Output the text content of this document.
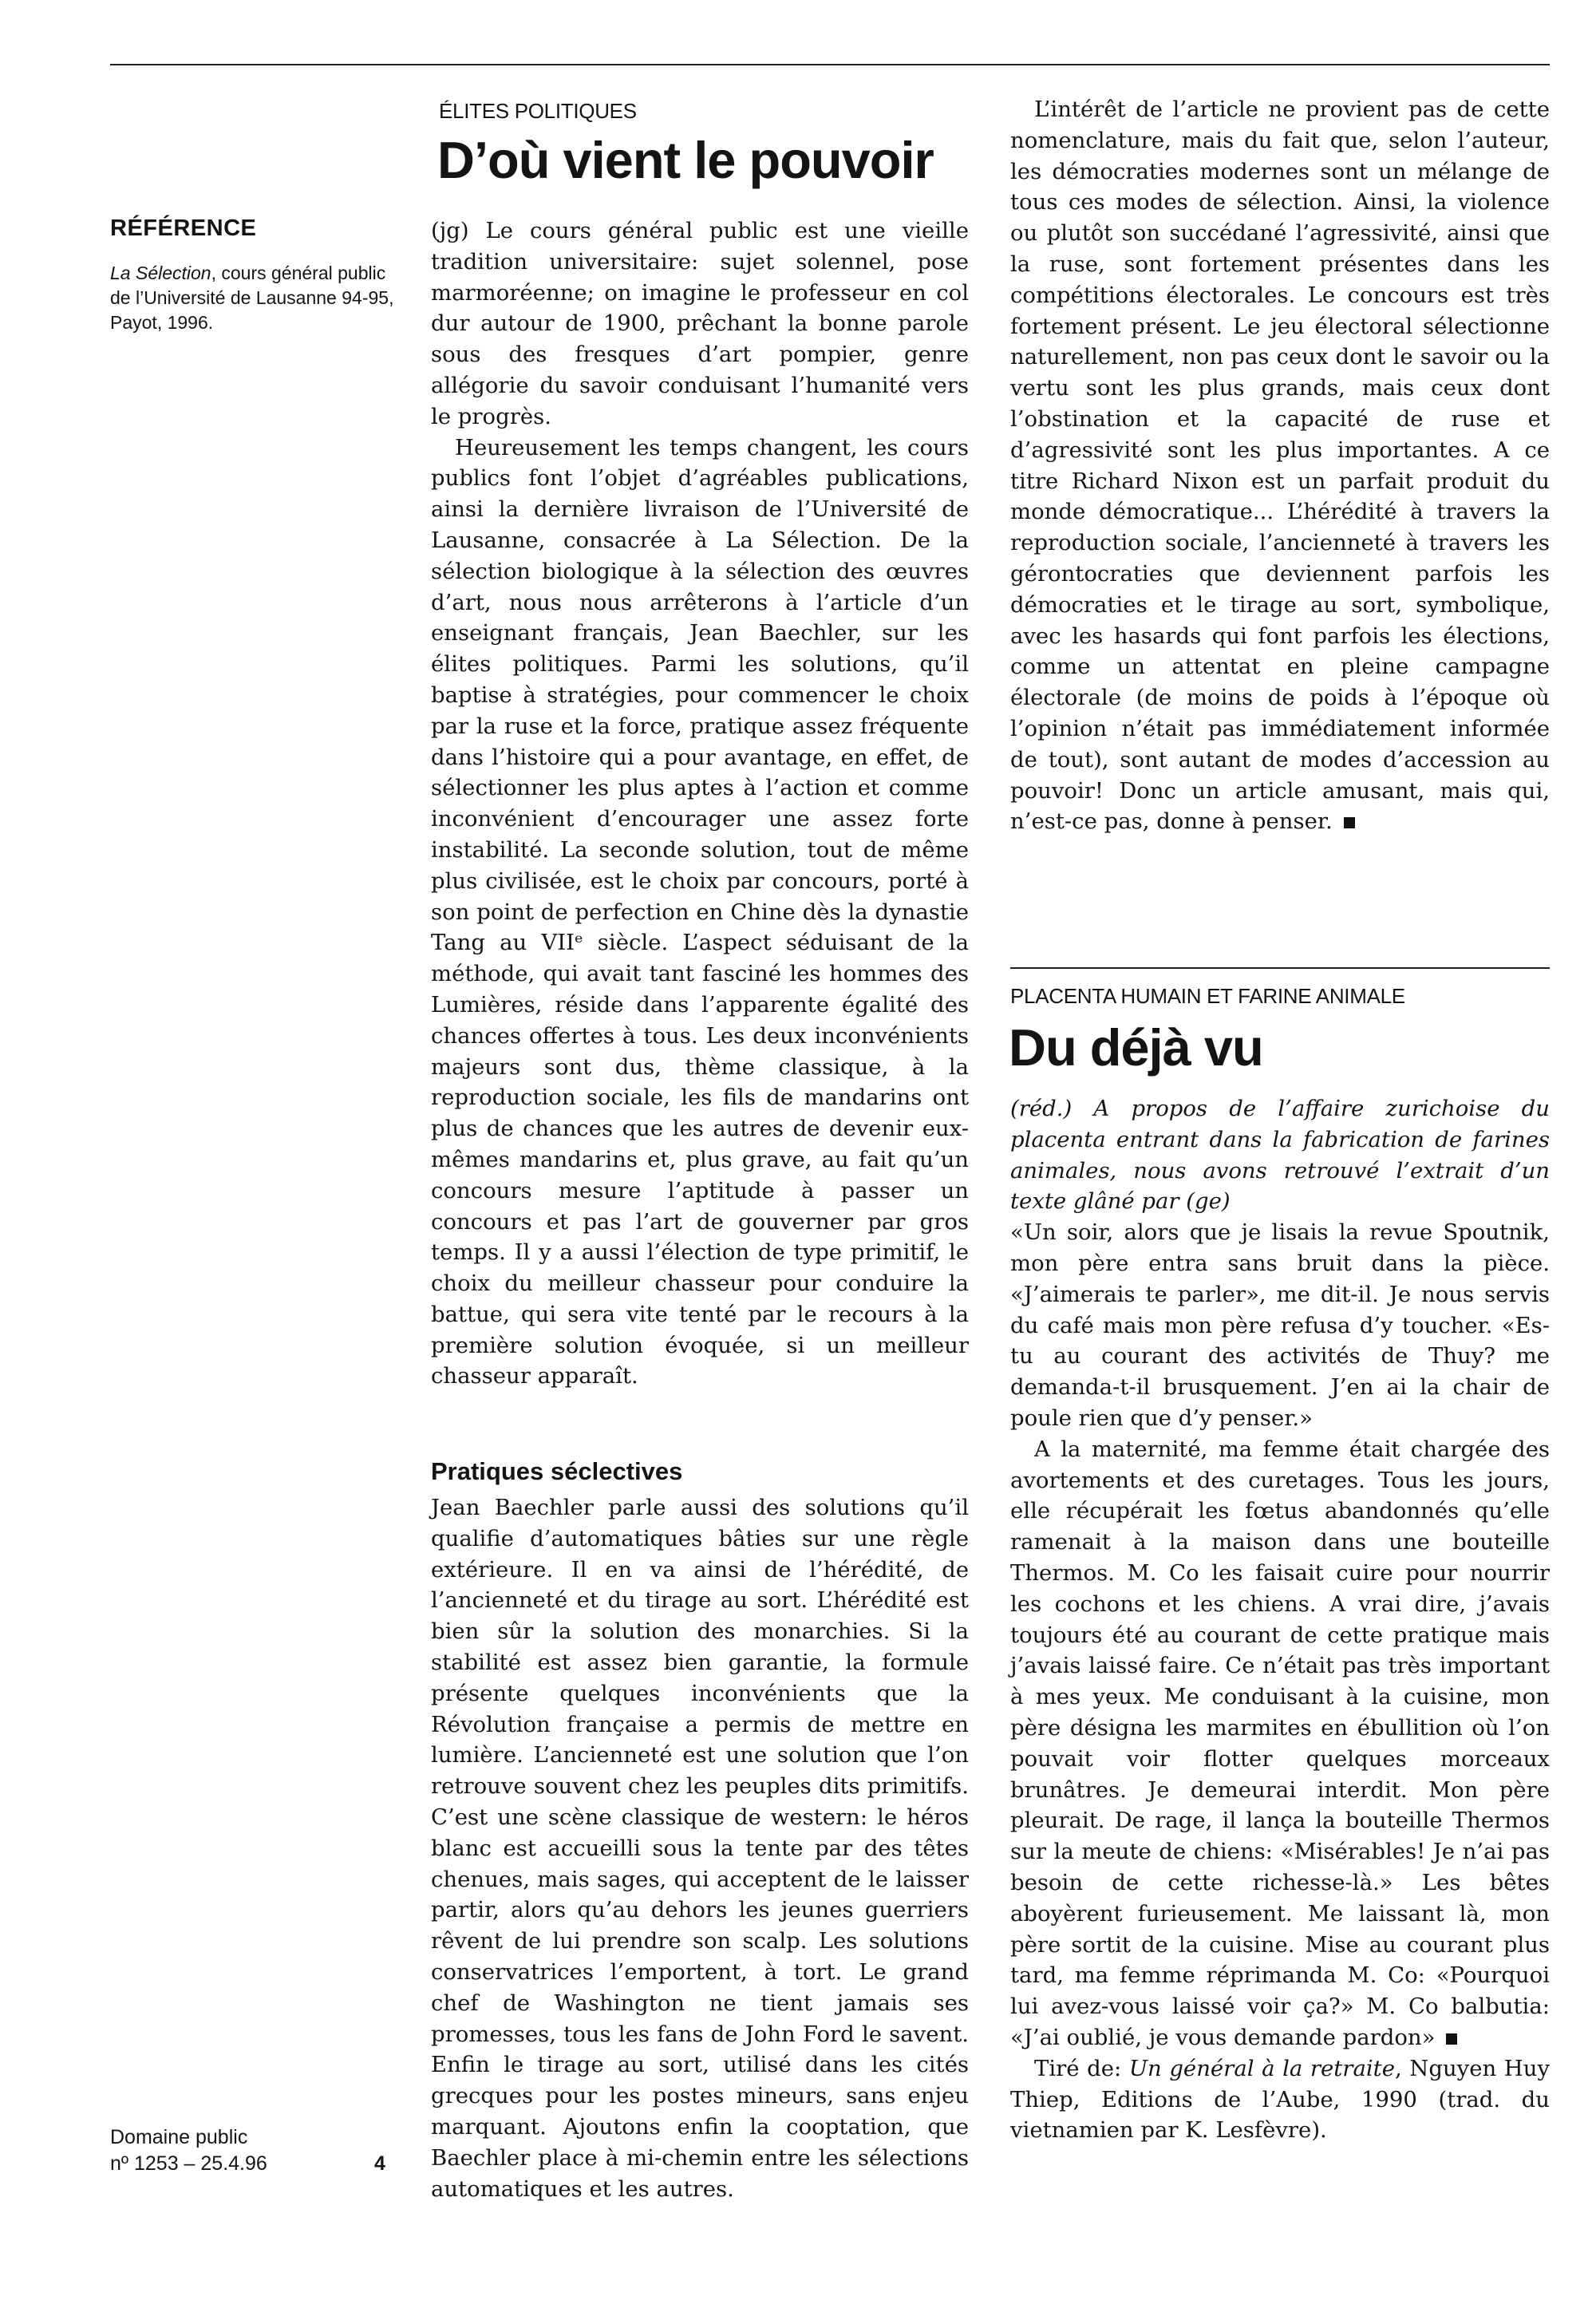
RÉFÉRENCE
La Sélection, cours général public de l’Université de Lausanne 94-95, Payot, 1996.
Domaine public
nº 1253 – 25.4.96	4
ÉLITES POLITIQUES
D’où vient le pouvoir

(jg) Le cours général public est une vieille tradition universitaire: sujet solennel, pose marmoréenne; on imagine le professeur en col dur autour de 1900, prêchant la bonne parole sous des fresques d’art pompier, genre allégorie du savoir conduisant l’humanité vers le progrès.

Heureusement les temps changent, les cours publics font l’objet d’agréables publications, ainsi la dernière livraison de l’Université de Lausanne, consacrée à La Sélection. De la sélection biologique à la sélection des œuvres d’art, nous nous arrêterons à l’article d’un enseignant français, Jean Baechler, sur les élites politiques. Parmi les solutions, qu’il baptise à stratégies, pour commencer le choix par la ruse et la force, pratique assez fréquente dans l’histoire qui a pour avantage, en effet, de sélectionner les plus aptes à l’action et comme inconvénient d’encourager une assez forte instabilité. La seconde solution, tout de même plus civilisée, est le choix par concours, porté à son point de perfection en Chine dès la dynastie Tang au VIIᵉ siècle. L’aspect séduisant de la méthode, qui avait tant fasciné les hommes des Lumières, réside dans l’apparente égalité des chances offertes à tous. Les deux inconvénients majeurs sont dus, thème classique, à la reproduction sociale, les fils de mandarins ont plus de chances que les autres de devenir eux-mêmes mandarins et, plus grave, au fait qu’un concours mesure l’aptitude à passer un concours et pas l’art de gouverner par gros temps. Il y a aussi l’élection de type primitif, le choix du meilleur chasseur pour conduire la battue, qui sera vite tenté par le recours à la première solution évoquée, si un meilleur chasseur apparaît.

Pratiques séclectives

Jean Baechler parle aussi des solutions qu’il qualifie d’automatiques bâties sur une règle extérieure. Il en va ainsi de l’hérédité, de l’ancienneté et du tirage au sort. L’hérédité est bien sûr la solution des monarchies. Si la stabilité est assez bien garantie, la formule présente quelques inconvénients que la Révolution française a permis de mettre en lumière. L’ancienneté est une solution que l’on retrouve souvent chez les peuples dits primitifs. C’est une scène classique de western: le héros blanc est accueilli sous la tente par des têtes chenues, mais sages, qui acceptent de le laisser partir, alors qu’au dehors les jeunes guerriers rêvent de lui prendre son scalp. Les solutions conservatrices l’emportent, à tort. Le grand chef de Washington ne tient jamais ses promesses, tous les fans de John Ford le savent. Enfin le tirage au sort, utilisé dans les cités grecques pour les postes mineurs, sans enjeu marquant. Ajoutons enfin la cooptation, que Baechler place à mi-chemin entre les sélections automatiques et les autres.

L’intérêt de l’article ne provient pas de cette nomenclature, mais du fait que, selon l’auteur, les démocraties modernes sont un mélange de tous ces modes de sélection. Ainsi, la violence ou plutôt son succédané l’agressivité, ainsi que la ruse, sont fortement présentes dans les compétitions électorales. Le concours est très fortement présent. Le jeu électoral sélectionne naturellement, non pas ceux dont le savoir ou la vertu sont les plus grands, mais ceux dont l’obstination et la capacité de ruse et d’agressivité sont les plus importantes. A ce titre Richard Nixon est un parfait produit du monde démocratique... L’hérédité à travers la reproduction sociale, l’ancienneté à travers les gérontocraties que deviennent parfois les démocraties et le tirage au sort, symbolique, avec les hasards qui font parfois les élections, comme un attentat en pleine campagne électorale (de moins de poids à l’époque où l’opinion n’était pas immédiatement informée de tout), sont autant de modes d’accession au pouvoir! Donc un article amusant, mais qui, n’est-ce pas, donne à penser.

PLACENTA HUMAIN ET FARINE ANIMALE
Du déjà vu

(réd.) A propos de l’affaire zurichoise du placenta entrant dans la fabrication de farines animales, nous avons retrouvé l’extrait d’un texte glâné par (ge)

«Un soir, alors que je lisais la revue Spoutnik, mon père entra sans bruit dans la pièce. «J’aimerais te parler», me dit-il. Je nous servis du café mais mon père refusa d’y toucher. «Es-tu au courant des activités de Thuy? me demanda-t-il brusquement. J’en ai la chair de poule rien que d’y penser.»

A la maternité, ma femme était chargée des avortements et des curetages. Tous les jours, elle récupérait les fœtus abandonnés qu’elle ramenait à la maison dans une bouteille Thermos. M. Co les faisait cuire pour nourrir les cochons et les chiens. A vrai dire, j’avais toujours été au courant de cette pratique mais j’avais laissé faire. Ce n’était pas très important à mes yeux. Me conduisant à la cuisine, mon père désigna les marmites en ébullition où l’on pouvait voir flotter quelques morceaux brunâtres. Je demeurai interdit. Mon père pleurait. De rage, il lança la bouteille Thermos sur la meute de chiens: «Misérables! Je n’ai pas besoin de cette richesse-là.» Les bêtes aboyèrent furieusement. Me laissant là, mon père sortit de la cuisine. Mise au courant plus tard, ma femme réprimanda M. Co: «Pourquoi lui avez-vous laissé voir ça?» M. Co balbutia: «J’ai oublié, je vous demande pardon»

Tiré de: Un général à la retraite, Nguyen Huy Thiep, Editions de l’Aube, 1990 (trad. du vietnamien par K. Lesfèvre).
